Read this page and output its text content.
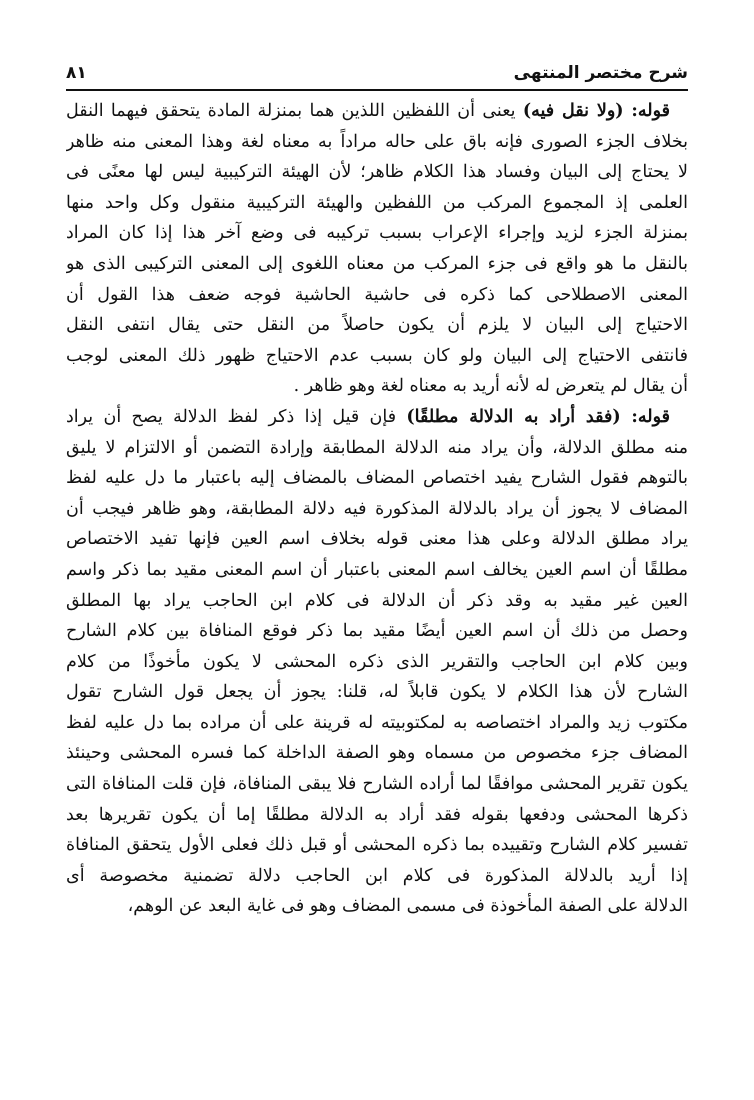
شرح مختصر المنتهى
٨١
قوله: (ولا نقل فيه) يعنى أن اللفظين اللذين هما بمنزلة المادة يتحقق فيهما النقل
بخلاف الجزء الصورى فإنه باق على حاله مراداً به معناه لغة وهذا المعنى منه ظاهر
لا يحتاج إلى البيان وفساد هذا الكلام ظاهر؛ لأن الهيئة التركيبية ليس لها معنًى فى
العلمى إذ المجموع المركب من اللفظين والهيئة التركيبية منقول وكل واحد منها
بمنزلة الجزء لزيد وإجراء الإعراب بسبب تركيبه فى وضع آخر هذا إذا كان المراد
بالنقل ما هو واقع فى جزء المركب من معناه اللغوى إلى المعنى التركيبى الذى هو
المعنى الاصطلاحى كما ذكره فى حاشية الحاشية فوجه ضعف هذا القول أن
الاحتياج إلى البيان لا يلزم أن يكون حاصلاً من النقل حتى يقال انتفى النقل
فانتفى الاحتياج إلى البيان ولو كان بسبب عدم الاحتياج ظهور ذلك المعنى لوجب
أن يقال لم يتعرض له لأنه أريد به معناه لغة وهو ظاهر .
قوله: (فقد أراد به الدلالة مطلقًا) فإن قيل إذا ذكر لفظ الدلالة يصح أن يراد
منه مطلق الدلالة، وأن يراد منه الدلالة المطابقة وإرادة التضمن أو الالتزام لا يليق
بالتوهم فقول الشارح يفيد اختصاص المضاف بالمضاف إليه باعتبار ما دل عليه لفظ
المضاف لا يجوز أن يراد بالدلالة المذكورة فيه دلالة المطابقة، وهو ظاهر فيجب أن
يراد مطلق الدلالة وعلى هذا معنى قوله بخلاف اسم العين فإنها تفيد الاختصاص
مطلقًا أن اسم العين يخالف اسم المعنى باعتبار أن اسم المعنى مقيد بما ذكر واسم
العين غير مقيد به وقد ذكر أن الدلالة فى كلام ابن الحاجب يراد بها المطلق
وحصل من ذلك أن اسم العين أيضًا مقيد بما ذكر فوقع المنافاة بين كلام الشارح
وبين كلام ابن الحاجب والتقرير الذى ذكره المحشى لا يكون مأخوذًا من كلام
الشارح لأن هذا الكلام لا يكون قابلاً له، قلنا: يجوز أن يجعل قول الشارح تقول
مكتوب زيد والمراد اختصاصه به لمكتوبيته له قرينة على أن مراده بما دل عليه لفظ
المضاف جزء مخصوص من مسماه وهو الصفة الداخلة كما فسره المحشى وحينئذ
يكون تقرير المحشى موافقًا لما أراده الشارح فلا يبقى المنافاة، فإن قلت المنافاة التى
ذكرها المحشى ودفعها بقوله فقد أراد به الدلالة مطلقًا إما أن يكون تقريرها بعد
تفسير كلام الشارح وتقييده بما ذكره المحشى أو قبل ذلك فعلى الأول يتحقق المنافاة
إذا أريد بالدلالة المذكورة فى كلام ابن الحاجب دلالة تضمنية مخصوصة أى
الدلالة على الصفة المأخوذة فى مسمى المضاف وهو فى غاية البعد عن الوهم،
